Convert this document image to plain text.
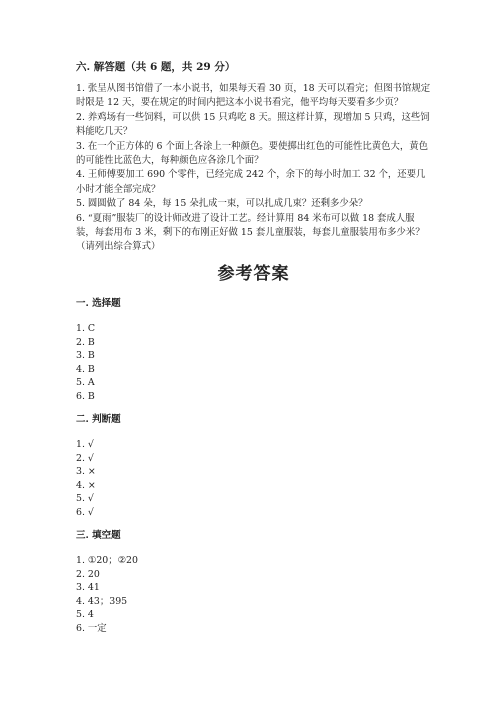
六. 解答题（共 6 题，共 29 分）
1. 张呈从图书馆借了一本小说书，如果每天看 30 页，18 天可以看完；但图书馆规定时限是 12 天，要在规定的时间内把这本小说书看完，他平均每天要看多少页？
2. 养鸡场有一些饲料，可以供 15 只鸡吃 8 天。照这样计算，现增加 5 只鸡，这些饲料能吃几天？
3. 在一个正方体的 6 个面上各涂上一种颜色。要使掷出红色的可能性比黄色大，黄色的可能性比蓝色大，每种颜色应各涂几个面？
4. 王师傅要加工 690 个零件，已经完成 242 个，余下的每小时加工 32 个，还要几小时才能全部完成？
5. 圆圆做了 84 朵，每 15 朵扎成一束，可以扎成几束？还剩多少朵？
6. “夏雨”服装厂的设计师改进了设计工艺。经计算用 84 米布可以做 18 套成人服装，每套用布 3 米，剩下的布刚正好做 15 套儿童服装，每套儿童服装用布多少米？（请列出综合算式）
参考答案
一. 选择题
1. C
2. B
3. B
4. B
5. A
6. B
二. 判断题
1. √
2. √
3. ×
4. ×
5. √
6. √
三. 填空题
1. ①20；②20
2. 20
3. 41
4. 43；395
5. 4
6. 一定
